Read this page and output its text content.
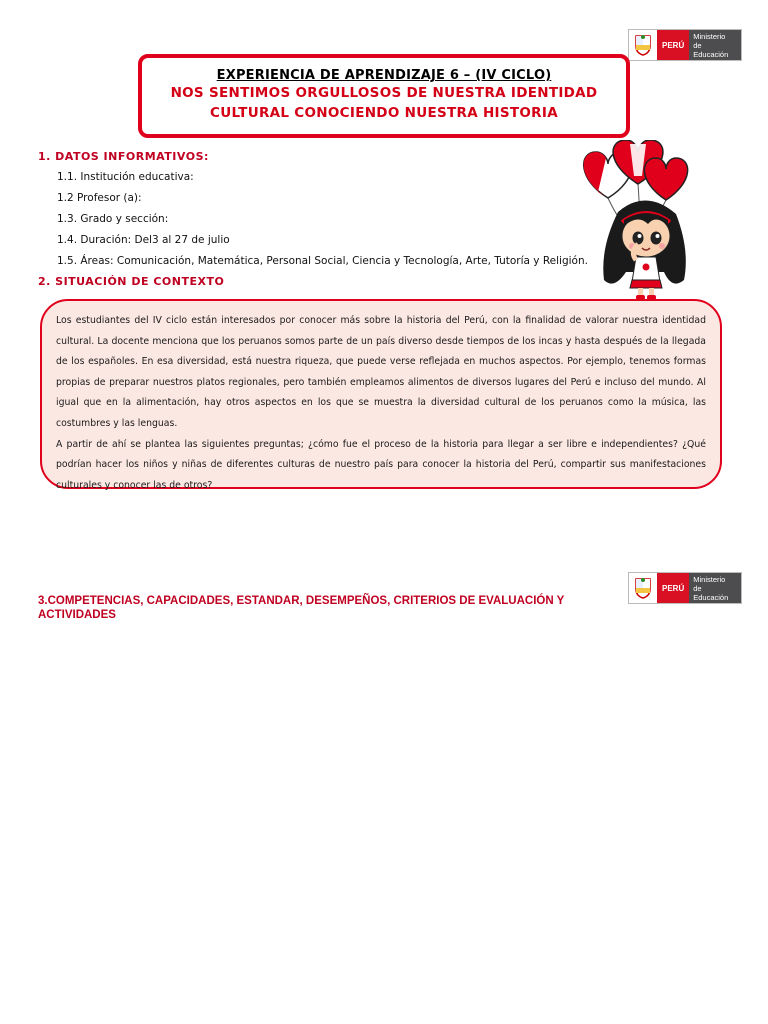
PERÚ
Ministerio
de Educación
EXPERIENCIA DE APRENDIZAJE 6 – (IV CICLO)
NOS SENTIMOS ORGULLOSOS DE NUESTRA IDENTIDAD
CULTURAL CONOCIENDO NUESTRA HISTORIA
1. DATOS INFORMATIVOS:
1.1. Institución educativa:
1.2 Profesor (a):
1.3. Grado y sección:
1.4. Duración: Del3 al 27 de julio
1.5. Áreas: Comunicación, Matemática, Personal Social, Ciencia y Tecnología, Arte, Tutoría y Religión.
2. SITUACIÓN DE CONTEXTO

Los estudiantes del IV ciclo están interesados por conocer más sobre la historia del Perú, con la finalidad de valorar nuestra identidad cultural. La docente menciona que los peruanos somos parte de un país diverso desde tiempos de los incas y hasta después de la llegada de los españoles. En esa diversidad, está nuestra riqueza, que puede verse reflejada en muchos aspectos. Por ejemplo, tenemos formas propias de preparar nuestros platos regionales, pero también empleamos alimentos de diversos lugares del Perú e incluso del mundo. Al igual que en la alimentación, hay otros aspectos en los que se muestra la diversidad cultural de los peruanos como la música, las costumbres y las lenguas.

A partir de ahí se plantea las siguientes preguntas; ¿cómo fue el proceso de la historia para llegar a ser libre e independientes? ¿Qué podrían hacer los niños y niñas de diferentes culturas de nuestro país para conocer la historia del Perú, compartir sus manifestaciones culturales y conocer las de otros?

PERÚ
Ministerio
de Educación
3.COMPETENCIAS, CAPACIDADES, ESTANDAR, DESEMPEÑOS, CRITERIOS DE EVALUACIÓN Y ACTIVIDADES
